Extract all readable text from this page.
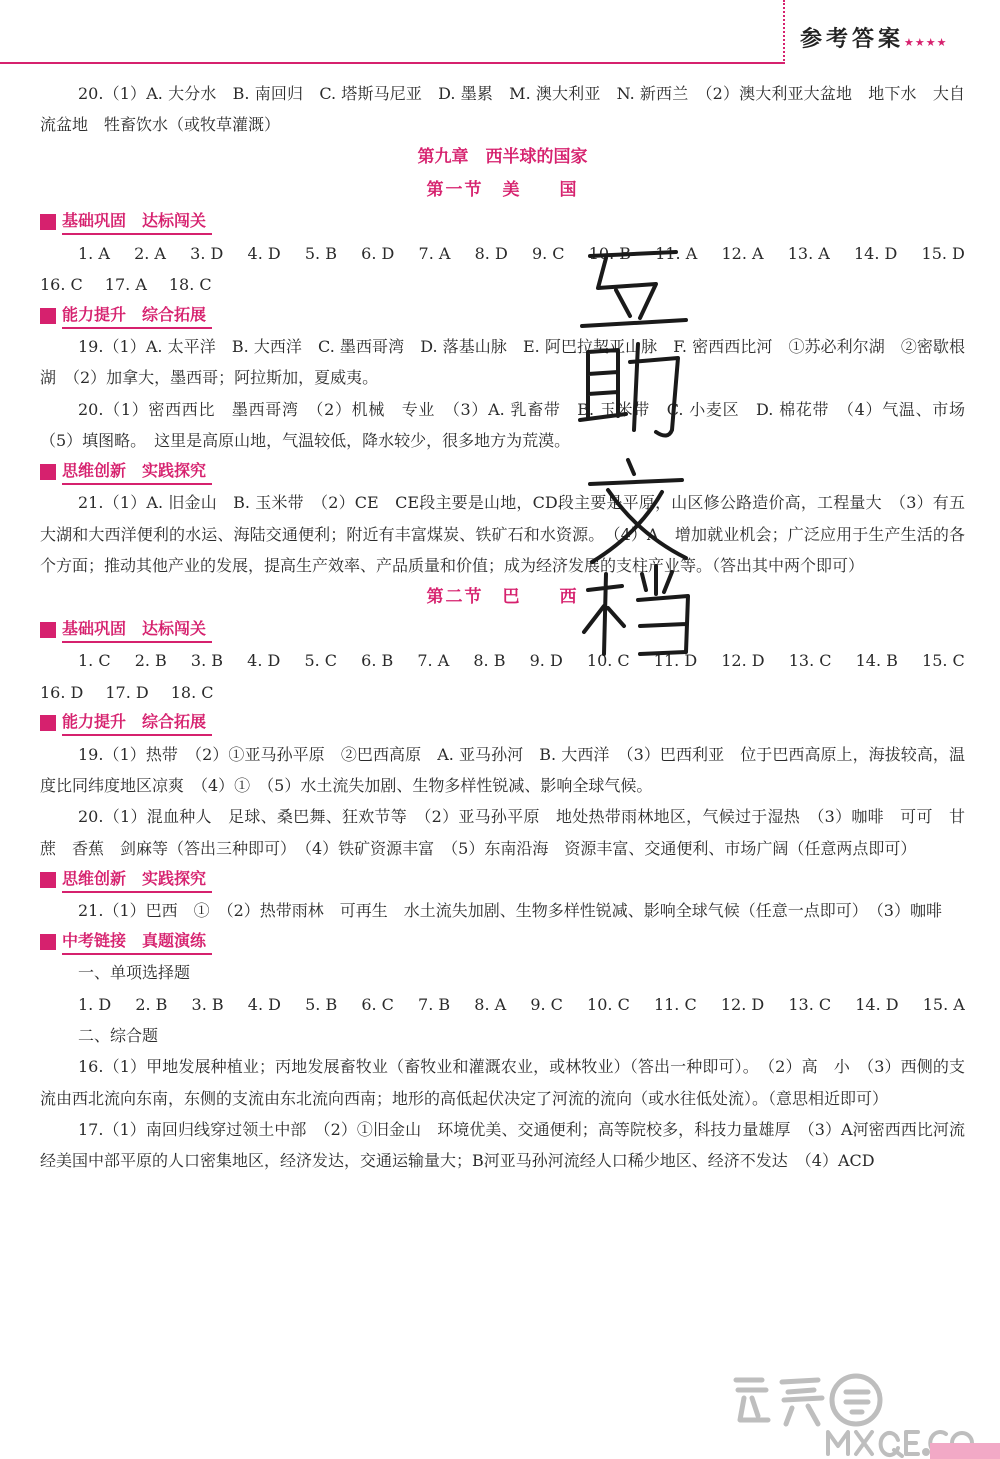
参考答案★★★★

20.（1）A. 大分水　B. 南回归　C. 塔斯马尼亚　D. 墨累　M. 澳大利亚　N. 新西兰　（2）澳大利亚大盆地　地下水　大自流盆地　牲畜饮水（或牧草灌溉）

第九章　西半球的国家
第一节　美　　国
基础巩固　达标闯关
1. A 2. A 3. D 4. D 5. B 6. D 7. A 8. D 9. C 10. B 11. A 12. A 13. A 14. D 15. D
16. C 17. A 18. C
能力提升　综合拓展

19.（1）A. 太平洋　B. 大西洋　C. 墨西哥湾　D. 落基山脉　E. 阿巴拉契亚山脉　F. 密西西比河　①苏必利尔湖　②密歇根湖　（2）加拿大，墨西哥；阿拉斯加，夏威夷。

20.（1）密西西比　墨西哥湾　（2）机械　专业　（3）A. 乳畜带　B. 玉米带　C. 小麦区　D. 棉花带　（4）气温、市场　（5）填图略。　这里是高原山地，气温较低，降水较少，很多地方为荒漠。

思维创新　实践探究

21.（1）A. 旧金山　B. 玉米带　（2）CE　CE段主要是山地，CD段主要是平原，山区修公路造价高，工程量大　（3）有五大湖和大西洋便利的水运、海陆交通便利；附近有丰富煤炭、铁矿石和水资源。　（4）A　增加就业机会；广泛应用于生产生活的各个方面；推动其他产业的发展，提高生产效率、产品质量和价值；成为经济发展的支柱产业等。（答出其中两个即可）

第二节　巴　　西
基础巩固　达标闯关
1. C 2. B 3. B 4. D 5. C 6. B 7. A 8. B 9. D 10. C 11. D 12. D 13. C 14. B 15. C
16. D 17. D 18. C
能力提升　综合拓展

19.（1）热带　（2）①亚马孙平原　②巴西高原　A. 亚马孙河　B. 大西洋　（3）巴西利亚　位于巴西高原上，海拔较高，温度比同纬度地区凉爽　（4）①　（5）水土流失加剧、生物多样性锐减、影响全球气候。

20.（1）混血种人　足球、桑巴舞、狂欢节等　（2）亚马孙平原　地处热带雨林地区，气候过于湿热　（3）咖啡　可可　甘蔗　香蕉　剑麻等（答出三种即可）　（4）铁矿资源丰富　（5）东南沿海　资源丰富、交通便利、市场广阔（任意两点即可）

思维创新　实践探究

21.（1）巴西　①　（2）热带雨林　可再生　水土流失加剧、生物多样性锐减、影响全球气候（任意一点即可）　（3）咖啡

中考链接　真题演练

一、单项选择题

1. D 2. B 3. B 4. D 5. B 6. C 7. B 8. A 9. C 10. C 11. C 12. D 13. C 14. D 15. A

二、综合题

16.（1）甲地发展种植业；丙地发展畜牧业（畜牧业和灌溉农业，或林牧业）（答出一种即可）。　（2）高　小　（3）西侧的支流由西北流向东南，东侧的支流由东北流向西南；地形的高低起伏决定了河流的流向（或水往低处流）。（意思相近即可）

17.（1）南回归线穿过领土中部　（2）①旧金山　环境优美、交通便利；高等院校多，科技力量雄厚　（3）A河密西西比河流经美国中部平原的人口密集地区，经济发达，交通运输量大；B河亚马孙河流经人口稀少地区、经济不发达　（4）ACD
